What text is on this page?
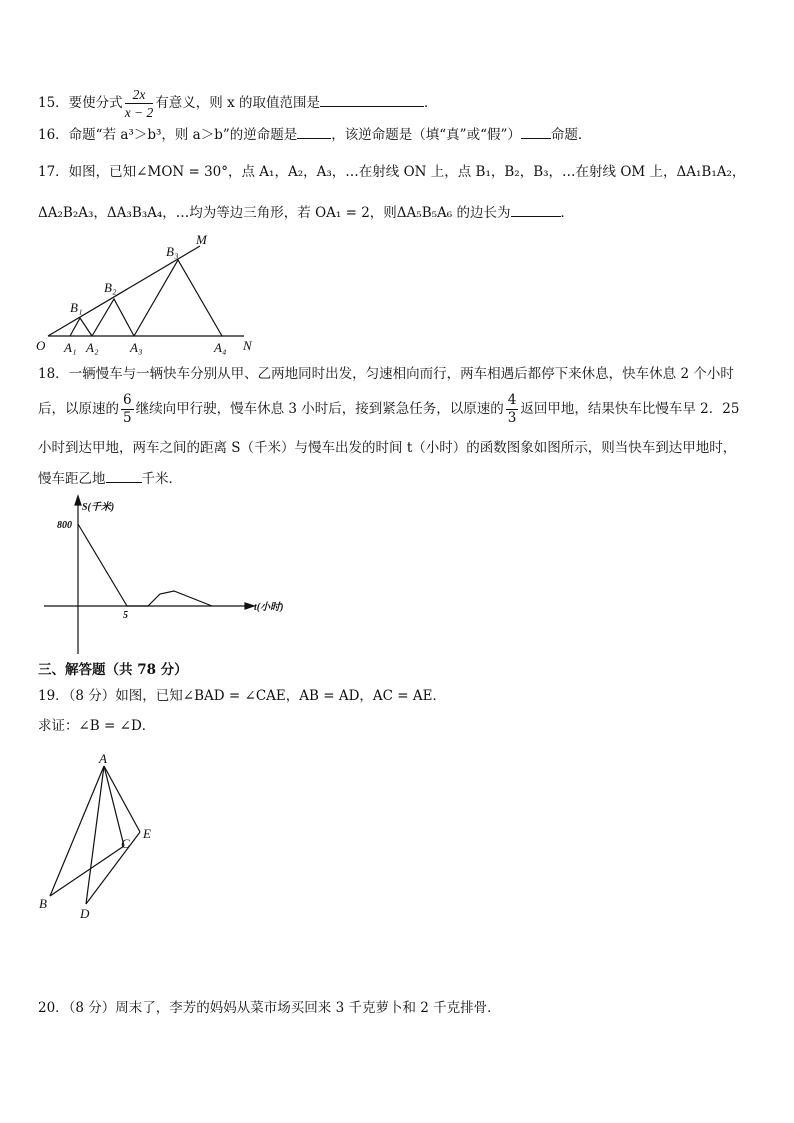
15．要使分式 $\frac{2x}{x - 2}$ 有意义，则 x 的取值范围是	．
16．命题“若 a³＞b³，则 a＞b”的逆命题是	，该逆命题是（填“真”或“假”） 命题．
17．如图，已知∠MON = 30°，点 A₁，A₂，A₃，…在射线 ON 上，点 B₁，B₂，B₃，…在射线 OM 上，ΔA₁B₁A₂，
ΔA₂B₂A₃，ΔA₃B₃A₄，…均为等边三角形，若 OA₁ = 2，则ΔA₅B₅A₆ 的边长为	．
O	N
M
A₁ A₂ A₃	A₄
B₁
B₂
B₃
18．一辆慢车与一辆快车分别从甲、乙两地同时出发，匀速相向而行，两车相遇后都停下来休息，快车休息 2 个小时
后，以原速的 $\frac{6}{5}$ 继续向甲行驶，慢车休息 3 小时后，接到紧急任务，以原速的 $\frac{4}{3}$ 返回甲地，结果快车比慢车早 2．25
小时到达甲地，两车之间的距离 S（千米）与慢车出发的时间 t（小时）的函数图象如图所示，则当快车到达甲地时，
慢车距乙地	千米．
S(千米)
t(小时)
800
5
三、解答题（共 78 分）
19．（8 分）如图，已知∠BAD = ∠CAE，AB = AD，AC = AE．
求证：∠B = ∠D．
A
B
C
D
E
20．（8 分）周末了，李芳的妈妈从菜市场买回来 3 千克萝卜和 2 千克排骨．
